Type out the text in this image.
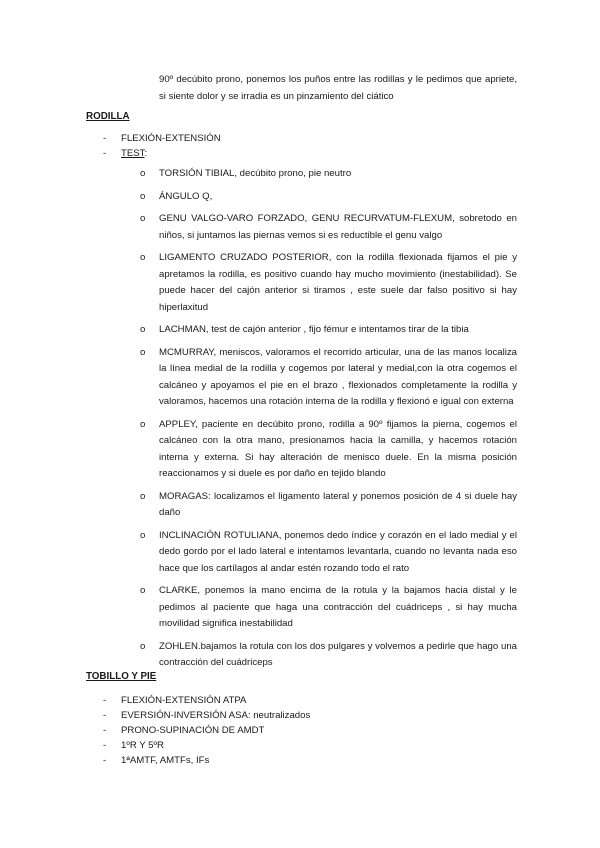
90º decúbito prono, ponemos los puños entre las rodillas y le pedimos que apriete, si siente dolor y se irradia es un pinzamiento del ciático

RODILLA
- FLEXIÓN-EXTENSIÓN
- TEST:
o TORSIÓN TIBIAL, decúbito prono, pie neutro
o ÁNGULO Q,
o GENU VALGO-VARO FORZADO, GENU RECURVATUM-FLEXUM, sobretodo en niños, si juntamos las piernas vemos si es reductible el genu valgo
o LIGAMENTO CRUZADO POSTERIOR, con la rodilla flexionada fijamos el pie y apretamos la rodilla, es positivo cuando hay mucho movimiento (inestabilidad). Se puede hacer del cajón anterior si tiramos , este suele dar falso positivo si hay hiperlaxitud
o LACHMAN, test de cajón anterior , fijo fémur e intentamos tirar de la tibia
o MCMURRAY, meniscos, valoramos el recorrido articular, una de las manos localiza la línea medial de la rodilla y cogemos por lateral y medial,con la otra cogemos el calcáneo y apoyamos el pie en el brazo , flexionados completamente la rodilla y valoramos, hacemos una rotación interna de la rodilla y flexionó e igual con externa
o APPLEY, paciente en decúbito prono, rodilla a 90º fijamos la pierna, cogemos el calcáneo con la otra mano, presionamos hacia la camilla, y hacemos rotación interna y externa. Si hay alteración de menisco duele. En la misma posición reaccionamos y si duele es por daño en tejido blando
o MORAGAS: localizamos el ligamento lateral y ponemos posición de 4 si duele hay daño
o INCLINACIÓN ROTULIANA, ponemos dedo índice y corazón en el lado medial y el dedo gordo por el lado lateral e intentamos levantarla, cuando no levanta nada eso hace que los cartílagos al andar estén rozando todo el rato
o CLARKE, ponemos la mano encima de la rotula y la bajamos hacia distal y le pedimos al paciente que haga una contracción del cuádriceps , si hay mucha movilidad significa inestabilidad
o ZOHLEN.bajamos la rotula con los dos pulgares y volvemos a pedirle que hago una contracción del cuádriceps
TOBILLO Y PIE
- FLEXIÓN-EXTENSIÓN ATPA
- EVERSIÓN-INVERSIÓN ASA: neutralizados
- PRONO-SUPINACIÓN DE AMDT
- 1ºR Y 5ºR
- 1ªAMTF, AMTFs, IFs
